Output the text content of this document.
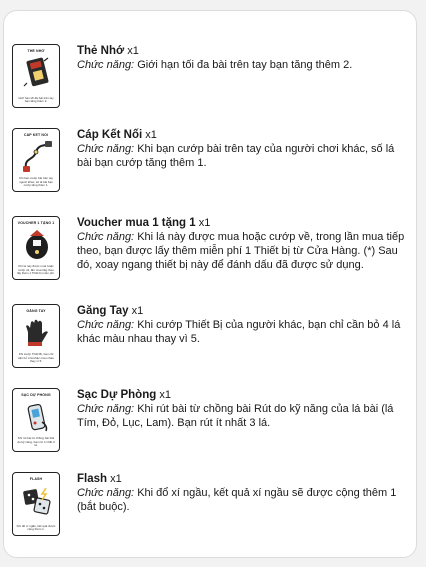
THẺ NHỚ
Giới hạn tối đa bài trên tay bạn tăng thêm 2.
Thẻ Nhớ x1
Chức năng: Giới hạn tối đa bài trên tay bạn tăng thêm 2.
CÁP KẾT NỐI
Khi bạn cướp bài trên tay người khác, số lá bài bạn cướp tăng thêm 1.
Cáp Kết Nối x1
Chức năng: Khi bạn cướp bài trên tay của người chơi khác, số lá bài bạn cướp tăng thêm 1.
VOUCHER 1 TẶNG 1
Khi lá này được mua hoặc cướp về, lần mua tiếp theo lấy thêm 1 Thiết bị miễn phí.
Voucher mua 1 tặng 1 x1
Chức năng: Khi lá này được mua hoặc cướp về, trong lần mua tiếp theo, bạn được lấy thêm miễn phí 1 Thiết bị từ Cửa Hàng. (*) Sau đó, xoay ngang thiết bị này để đánh dấu đã được sử dụng.
GĂNG TAY
Khi cướp Thiết Bị, bạn chỉ cần bỏ 4 lá khác màu nhau thay vì 5.
Găng Tay x1
Chức năng: Khi cướp Thiết Bị của người khác, bạn chỉ cần bỏ 4 lá khác màu nhau thay vì 5.
SẠC DỰ PHÒNG
Khi rút bài từ chồng bài Rút do kỹ năng, bạn rút ít nhất 3 lá.
Sạc Dự Phòng x1
Chức năng: Khi rút bài từ chồng bài Rút do kỹ năng của lá bài (lá Tím, Đỏ, Lục, Lam). Bạn rút ít nhất 3 lá.
FLASH
Khi đổ xí ngầu, kết quả được cộng thêm 1.
Flash x1
Chức năng: Khi đổ xí ngầu, kết quả xí ngầu sẽ được cộng thêm 1 (bắt buộc).
